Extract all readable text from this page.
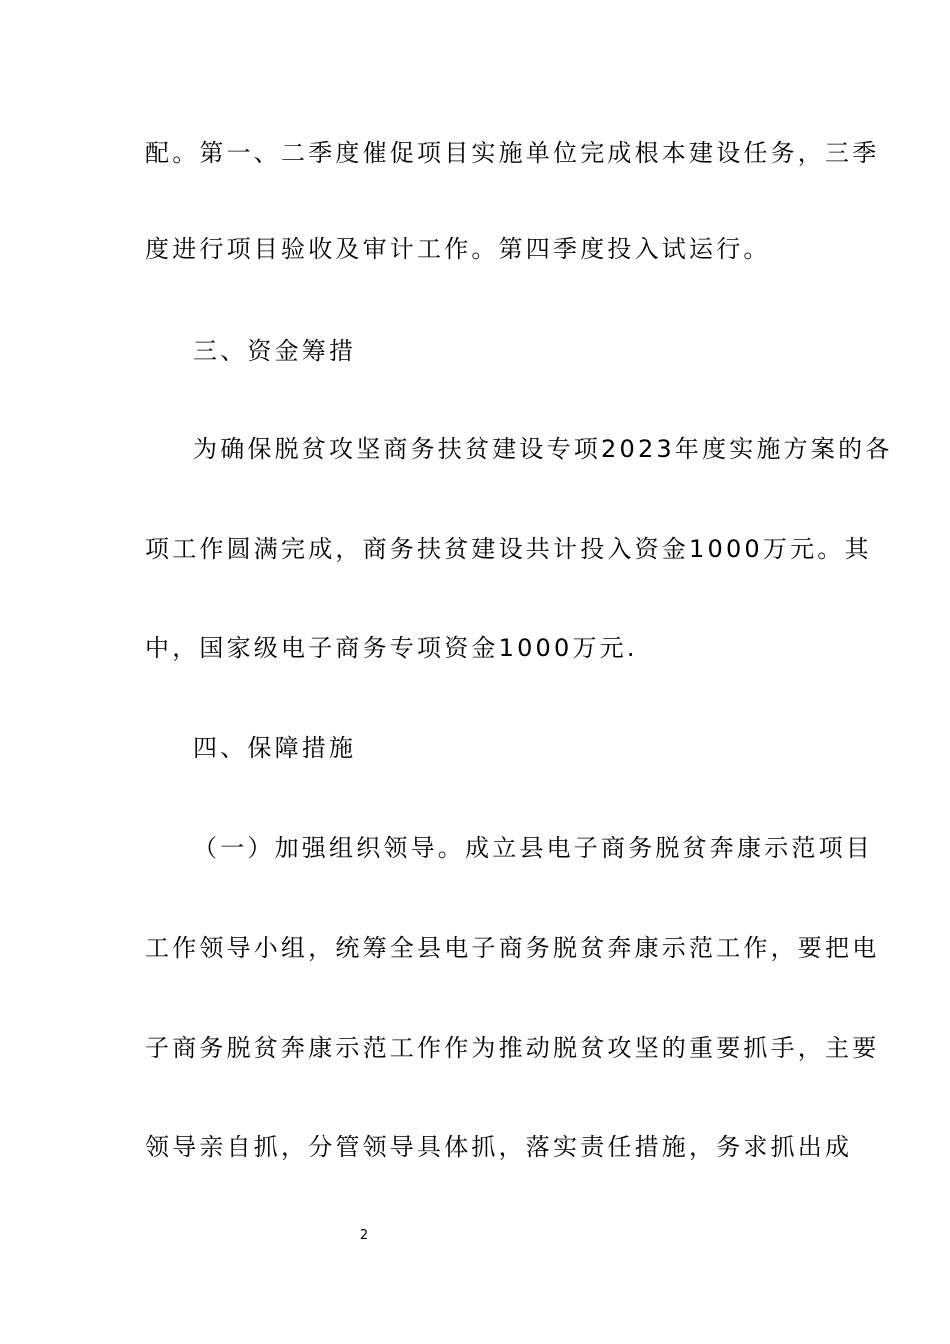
配。第一、二季度催促项目实施单位完成根本建设任务，三季
度进行项目验收及审计工作。第四季度投入试运行。
三、资金筹措
为确保脱贫攻坚商务扶贫建设专项2023年度实施方案的各
项工作圆满完成，商务扶贫建设共计投入资金1000万元。其
中，国家级电子商务专项资金1000万元.
四、保障措施
（一）加强组织领导。成立县电子商务脱贫奔康示范项目
工作领导小组，统筹全县电子商务脱贫奔康示范工作，要把电
子商务脱贫奔康示范工作作为推动脱贫攻坚的重要抓手，主要
领导亲自抓，分管领导具体抓，落实责任措施，务求抓出成
2
